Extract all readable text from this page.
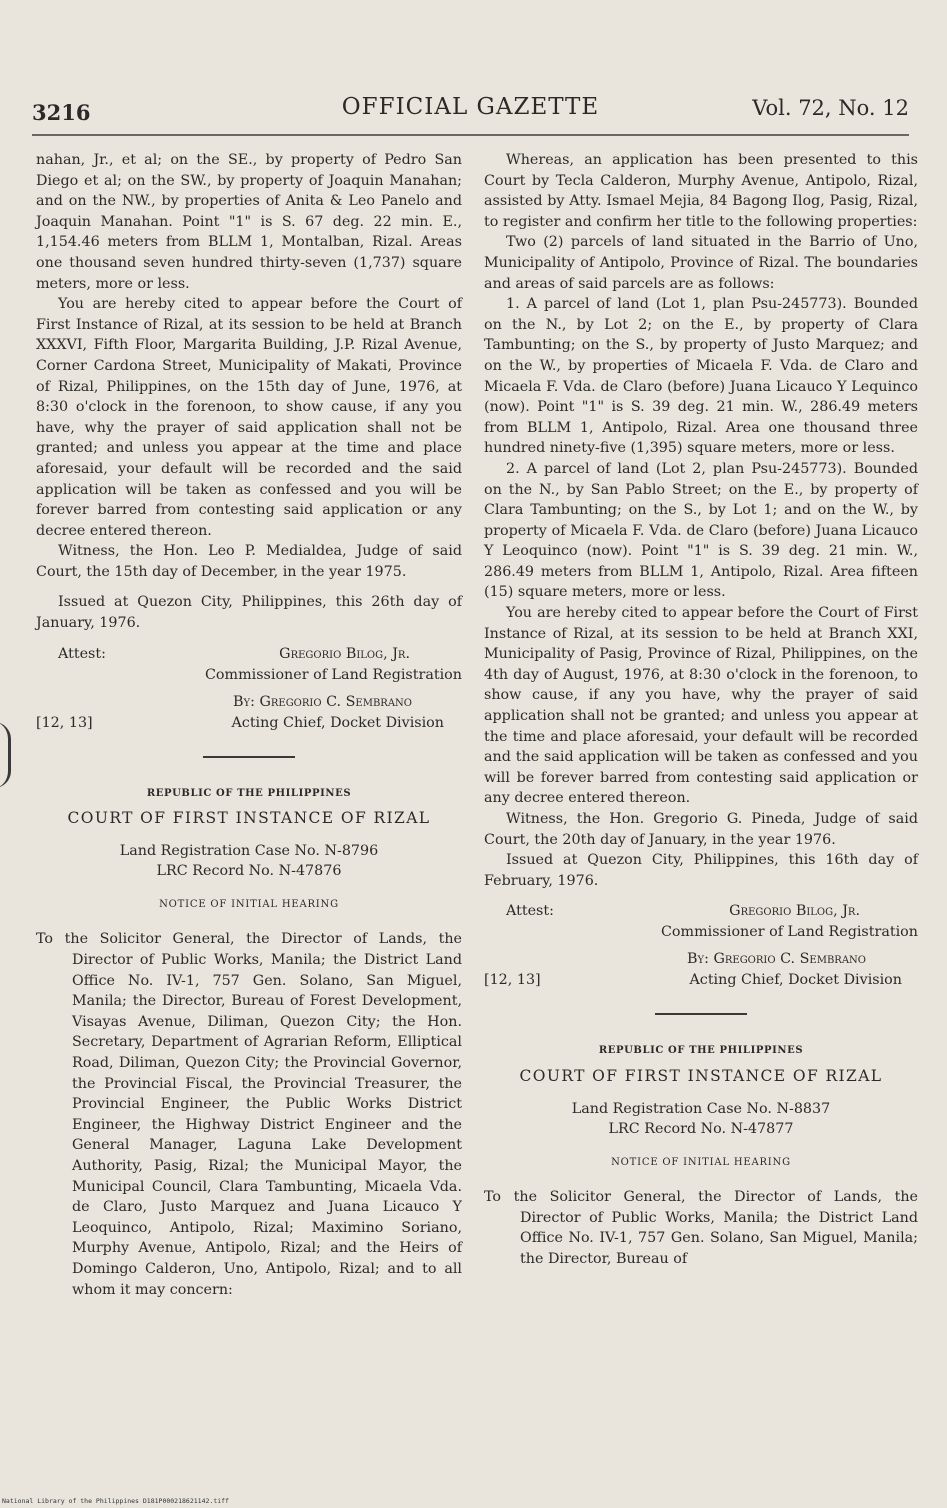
3216	OFFICIAL GAZETTE	Vol. 72, No. 12

nahan, Jr., et al; on the SE., by property of Pedro San Diego et al; on the SW., by property of Joaquin Manahan; and on the NW., by properties of Anita & Leo Panelo and Joaquin Manahan. Point "1" is S. 67 deg. 22 min. E., 1,154.46 meters from BLLM 1, Montalban, Rizal. Areas one thousand seven hundred thirty-seven (1,737) square meters, more or less.

You are hereby cited to appear before the Court of First Instance of Rizal, at its session to be held at Branch XXXVI, Fifth Floor, Margarita Building, J.P. Rizal Avenue, Corner Cardona Street, Municipality of Makati, Province of Rizal, Philippines, on the 15th day of June, 1976, at 8:30 o'clock in the forenoon, to show cause, if any you have, why the prayer of said application shall not be granted; and unless you appear at the time and place aforesaid, your default will be recorded and the said application will be taken as confessed and you will be forever barred from contesting said application or any decree entered thereon.

Witness, the Hon. Leo P. Medialdea, Judge of said Court, the 15th day of December, in the year 1975.

Issued at Quezon City, Philippines, this 26th day of January, 1976.

Attest:	Gregorio Bilog, Jr.
Commissioner of Land Registration
By: Gregorio C. Sembrano
Acting Chief, Docket Division
[12, 13]
REPUBLIC OF THE PHILIPPINES
COURT OF FIRST INSTANCE OF RIZAL
Land Registration Case No. N-8796
LRC Record No. N-47876
NOTICE OF INITIAL HEARING

To the Solicitor General, the Director of Lands, the Director of Public Works, Manila; the District Land Office No. IV-1, 757 Gen. Solano, San Miguel, Manila; the Director, Bureau of Forest Development, Visayas Avenue, Diliman, Quezon City; the Hon. Secretary, Department of Agrarian Reform, Elliptical Road, Diliman, Quezon City; the Provincial Governor, the Provincial Fiscal, the Provincial Treasurer, the Provincial Engineer, the Public Works District Engineer, the Highway District Engineer and the General Manager, Laguna Lake Development Authority, Pasig, Rizal; the Municipal Mayor, the Municipal Council, Clara Tambunting, Micaela Vda. de Claro, Justo Marquez and Juana Licauco Y Leoquinco, Antipolo, Rizal; Maximino Soriano, Murphy Avenue, Antipolo, Rizal; and the Heirs of Domingo Calderon, Uno, Antipolo, Rizal; and to all whom it may concern:

Whereas, an application has been presented to this Court by Tecla Calderon, Murphy Avenue, Antipolo, Rizal, assisted by Atty. Ismael Mejia, 84 Bagong Ilog, Pasig, Rizal, to register and confirm her title to the following properties:

Two (2) parcels of land situated in the Barrio of Uno, Municipality of Antipolo, Province of Rizal. The boundaries and areas of said parcels are as follows:

1. A parcel of land (Lot 1, plan Psu-245773). Bounded on the N., by Lot 2; on the E., by property of Clara Tambunting; on the S., by property of Justo Marquez; and on the W., by properties of Micaela F. Vda. de Claro and Micaela F. Vda. de Claro (before) Juana Licauco Y Lequinco (now). Point "1" is S. 39 deg. 21 min. W., 286.49 meters from BLLM 1, Antipolo, Rizal. Area one thousand three hundred ninety-five (1,395) square meters, more or less.

2. A parcel of land (Lot 2, plan Psu-245773). Bounded on the N., by San Pablo Street; on the E., by property of Clara Tambunting; on the S., by Lot 1; and on the W., by property of Micaela F. Vda. de Claro (before) Juana Licauco Y Leoquinco (now). Point "1" is S. 39 deg. 21 min. W., 286.49 meters from BLLM 1, Antipolo, Rizal. Area fifteen (15) square meters, more or less.

You are hereby cited to appear before the Court of First Instance of Rizal, at its session to be held at Branch XXI, Municipality of Pasig, Province of Rizal, Philippines, on the 4th day of August, 1976, at 8:30 o'clock in the forenoon, to show cause, if any you have, why the prayer of said application shall not be granted; and unless you appear at the time and place aforesaid, your default will be recorded and the said application will be taken as confessed and you will be forever barred from contesting said application or any decree entered thereon.

Witness, the Hon. Gregorio G. Pineda, Judge of said Court, the 20th day of January, in the year 1976.

Issued at Quezon City, Philippines, this 16th day of February, 1976.

Attest:	Gregorio Bilog, Jr.
Commissioner of Land Registration
By: Gregorio C. Sembrano
Acting Chief, Docket Division
[12, 13]
REPUBLIC OF THE PHILIPPINES
COURT OF FIRST INSTANCE OF RIZAL
Land Registration Case No. N-8837
LRC Record No. N-47877
NOTICE OF INITIAL HEARING

To the Solicitor General, the Director of Lands, the Director of Public Works, Manila; the District Land Office No. IV-1, 757 Gen. Solano, San Miguel, Manila; the Director, Bureau of

National Library of the Philippines D181P000218621142.tiff
